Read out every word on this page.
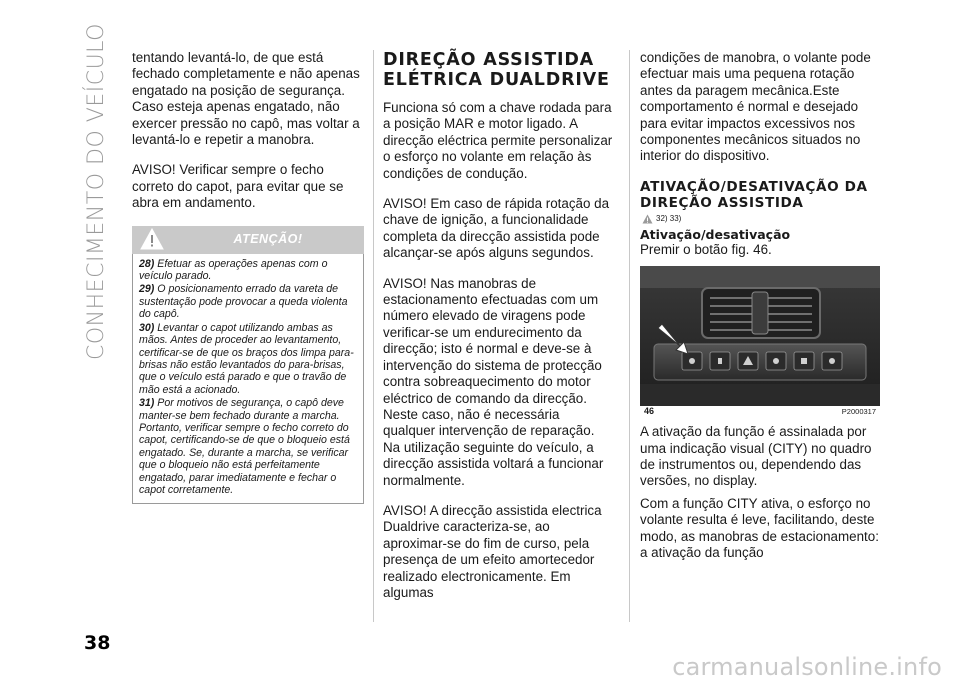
CONHECIMENTO DO VEÍCULO
38

tentando levantá-lo, de que está fechado completamente e não apenas engatado na posição de segurança. Caso esteja apenas engatado, não exercer pressão no capô, mas voltar a levantá-lo e repetir a manobra.

AVISO! Verificar sempre o fecho correto do capot, para evitar que se abra em andamento.

ATENÇÃO!
28) Efetuar as operações apenas com o veículo parado.
29) O posicionamento errado da vareta de sustentação pode provocar a queda violenta do capô.
30) Levantar o capot utilizando ambas as mãos. Antes de proceder ao levantamento, certificar-se de que os braços dos limpa para-brisas não estão levantados do para-brisas, que o veículo está parado e que o travão de mão está a acionado.
31) Por motivos de segurança, o capô deve manter-se bem fechado durante a marcha. Portanto, verificar sempre o fecho correto do capot, certificando-se de que o bloqueio está engatado. Se, durante a marcha, se verificar que o bloqueio não está perfeitamente engatado, parar imediatamente e fechar o capot corretamente.
DIREÇÃO ASSISTIDA ELÉTRICA DUALDRIVE

Funciona só com a chave rodada para a posição MAR e motor ligado. A direcção eléctrica permite personalizar o esforço no volante em relação às condições de condução.

AVISO! Em caso de rápida rotação da chave de ignição, a funcionalidade completa da direcção assistida pode alcançar-se após alguns segundos.

AVISO! Nas manobras de estacionamento efectuadas com um número elevado de viragens pode verificar-se um endurecimento da direcção; isto é normal e deve-se à intervenção do sistema de protecção contra sobreaquecimento do motor eléctrico de comando da direcção. Neste caso, não é necessária qualquer intervenção de reparação. Na utilização seguinte do veículo, a direcção assistida voltará a funcionar normalmente.

AVISO! A direcção assistida electrica Dualdrive caracteriza-se, ao aproximar-se do fim de curso, pela presença de um efeito amortecedor realizado electronicamente. Em algumas

condições de manobra, o volante pode efectuar mais uma pequena rotação antes da paragem mecânica.Este comportamento é normal e desejado para evitar impactos excessivos nos componentes mecânicos situados no interior do dispositivo.

ATIVAÇÃO/DESATIVAÇÃO DA DIREÇÃO ASSISTIDA
32) 33)
Ativação/desativação

Premir o botão fig. 46.

46	P2000317

A ativação da função é assinalada por uma indicação visual (CITY) no quadro de instrumentos ou, dependendo das versões, no display.

Com a função CITY ativa, o esforço no volante resulta é leve, facilitando, deste modo, as manobras de estacionamento: a ativação da função

carmanualsonline.info
